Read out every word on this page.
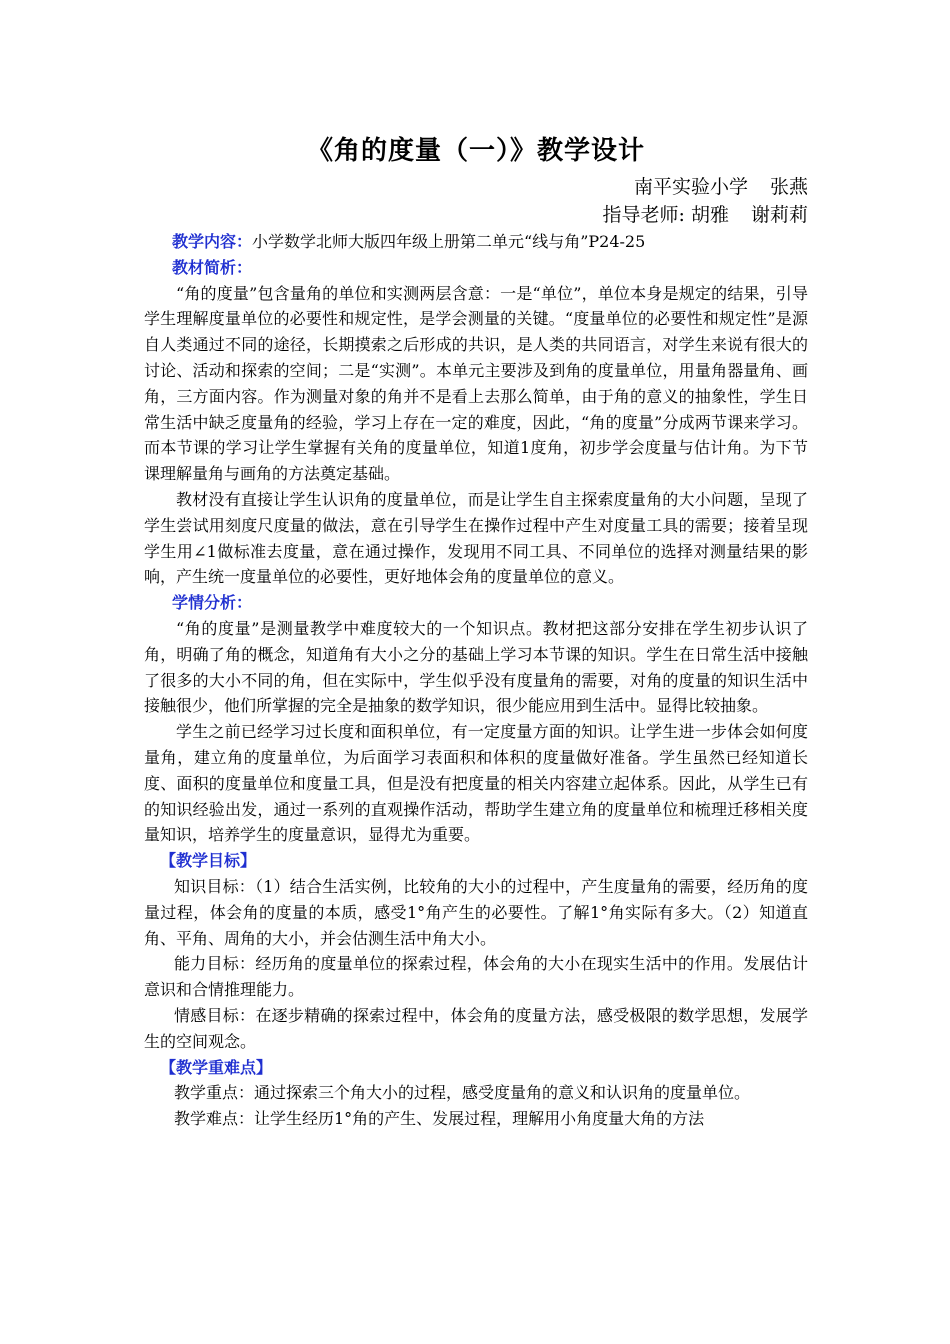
《角的度量（一）》教学设计
南平实验小学 张燕
指导老师: 胡雅 谢莉莉

教学内容：小学数学北师大版四年级上册第二单元“线与角”P24-25

教材简析：

“角的度量”包含量角的单位和实测两层含意：一是“单位”，单位本身是规定的结果，引导学生理解度量单位的必要性和规定性，是学会测量的关键。“度量单位的必要性和规定性”是源自人类通过不同的途径，长期摸索之后形成的共识，是人类的共同语言，对学生来说有很大的讨论、活动和探索的空间；二是“实测”。本单元主要涉及到角的度量单位，用量角器量角、画角，三方面内容。作为测量对象的角并不是看上去那么简单，由于角的意义的抽象性，学生日常生活中缺乏度量角的经验，学习上存在一定的难度，因此，“角的度量”分成两节课来学习。而本节课的学习让学生掌握有关角的度量单位，知道1度角，初步学会度量与估计角。为下节课理解量角与画角的方法奠定基础。

教材没有直接让学生认识角的度量单位，而是让学生自主探索度量角的大小问题，呈现了学生尝试用刻度尺度量的做法，意在引导学生在操作过程中产生对度量工具的需要；接着呈现学生用∠1做标准去度量，意在通过操作，发现用不同工具、不同单位的选择对测量结果的影响，产生统一度量单位的必要性，更好地体会角的度量单位的意义。

学情分析：

“角的度量”是测量教学中难度较大的一个知识点。教材把这部分安排在学生初步认识了角，明确了角的概念，知道角有大小之分的基础上学习本节课的知识。学生在日常生活中接触了很多的大小不同的角，但在实际中，学生似乎没有度量角的需要，对角的度量的知识生活中接触很少，他们所掌握的完全是抽象的数学知识，很少能应用到生活中。显得比较抽象。

学生之前已经学习过长度和面积单位，有一定度量方面的知识。让学生进一步体会如何度量角，建立角的度量单位，为后面学习表面积和体积的度量做好准备。学生虽然已经知道长度、面积的度量单位和度量工具，但是没有把度量的相关内容建立起体系。因此，从学生已有的知识经验出发，通过一系列的直观操作活动，帮助学生建立角的度量单位和梳理迁移相关度量知识，培养学生的度量意识，显得尤为重要。

【教学目标】

知识目标：（1）结合生活实例，比较角的大小的过程中，产生度量角的需要，经历角的度量过程，体会角的度量的本质，感受1°角产生的必要性。了解1°角实际有多大。（2）知道直角、平角、周角的大小，并会估测生活中角大小。

能力目标：经历角的度量单位的探索过程，体会角的大小在现实生活中的作用。发展估计意识和合情推理能力。

情感目标：在逐步精确的探索过程中，体会角的度量方法，感受极限的数学思想，发展学生的空间观念。

【教学重难点】

教学重点：通过探索三个角大小的过程，感受度量角的意义和认识角的度量单位。

教学难点：让学生经历1°角的产生、发展过程，理解用小角度量大角的方法
